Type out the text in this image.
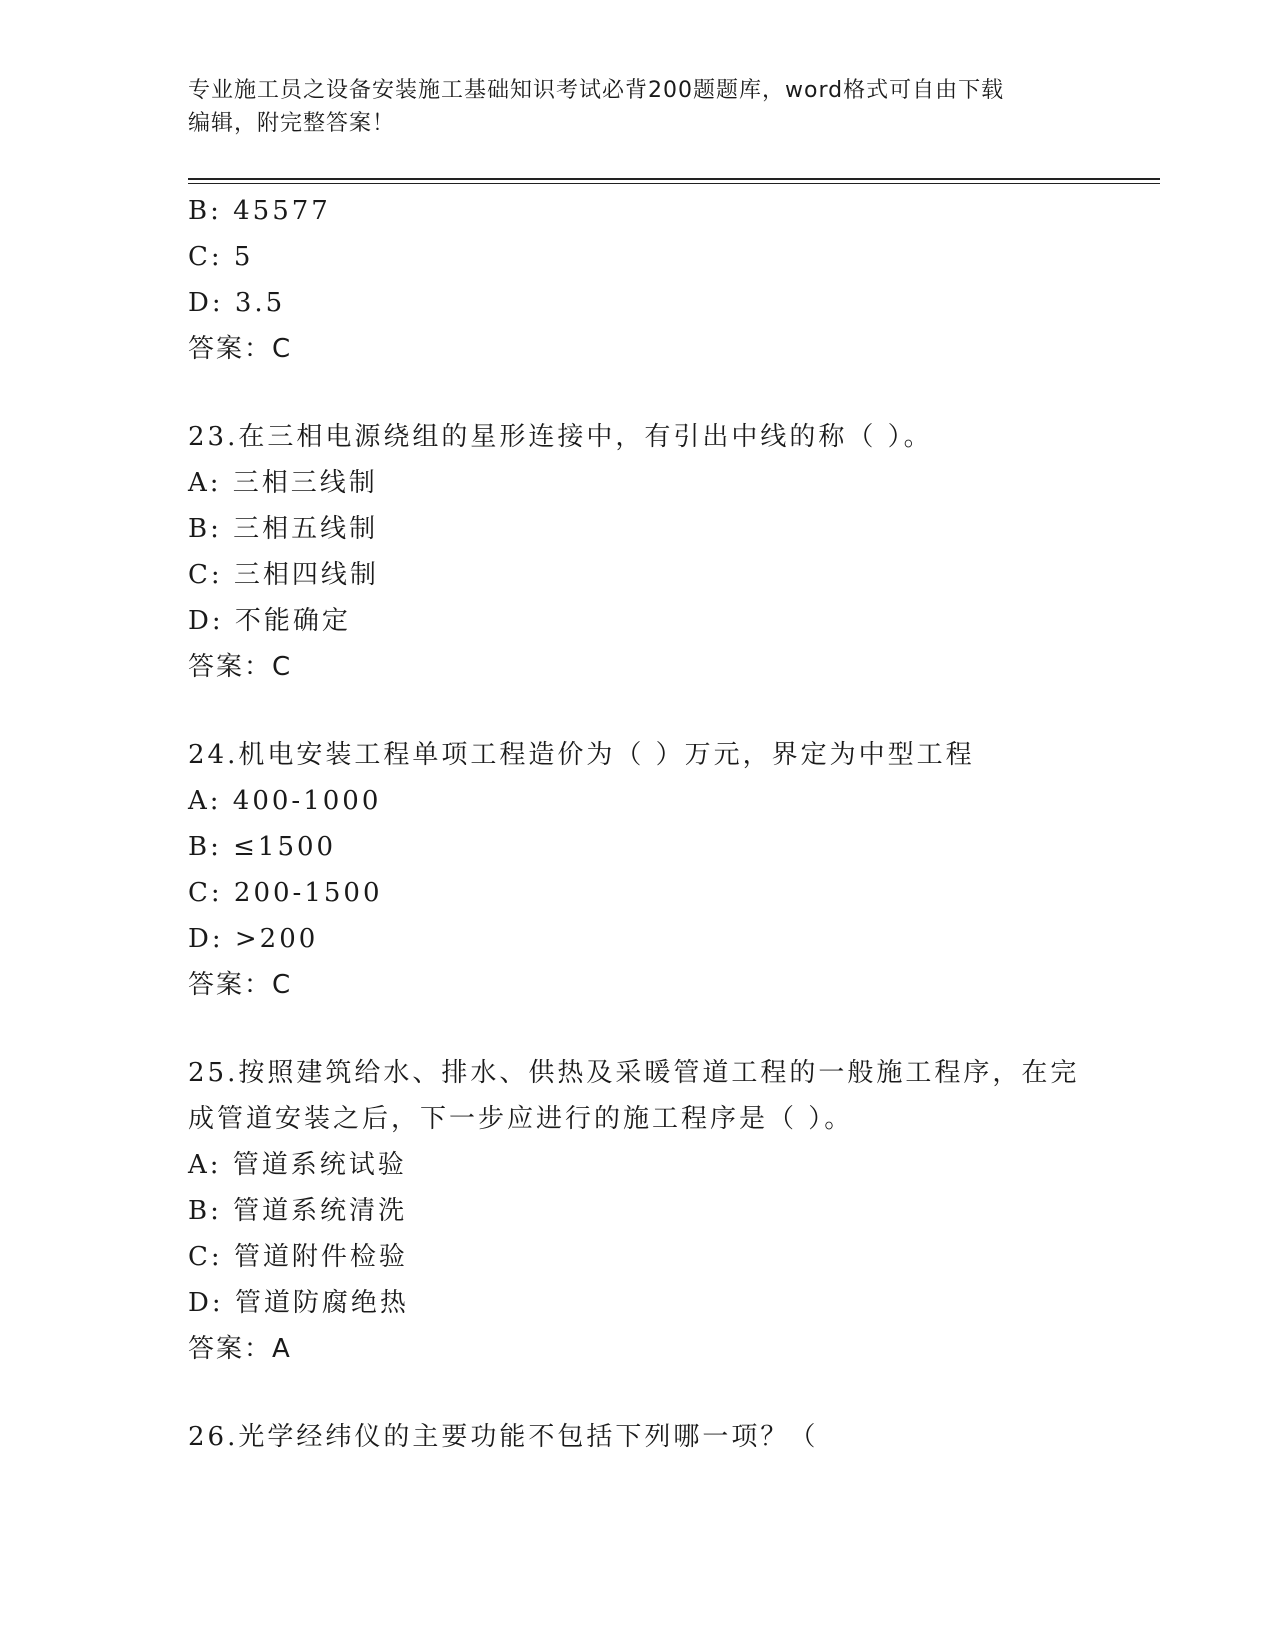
专业施工员之设备安装施工基础知识考试必背200题题库，word格式可自由下载
编辑，附完整答案！
B: 45577
C: 5
D: 3.5
答案：C
23.在三相电源绕组的星形连接中，有引出中线的称（ ）。
A: 三相三线制
B: 三相五线制
C: 三相四线制
D: 不能确定
答案：C
24.机电安装工程单项工程造价为（ ）万元，界定为中型工程
A: 400-1000
B: ≤1500
C: 200-1500
D: >200
答案：C
25.按照建筑给水、排水、供热及采暖管道工程的一般施工程序，在完
成管道安装之后，下一步应进行的施工程序是（ ）。
A: 管道系统试验
B: 管道系统清洗
C: 管道附件检验
D: 管道防腐绝热
答案：A
26.光学经纬仪的主要功能不包括下列哪一项？（
